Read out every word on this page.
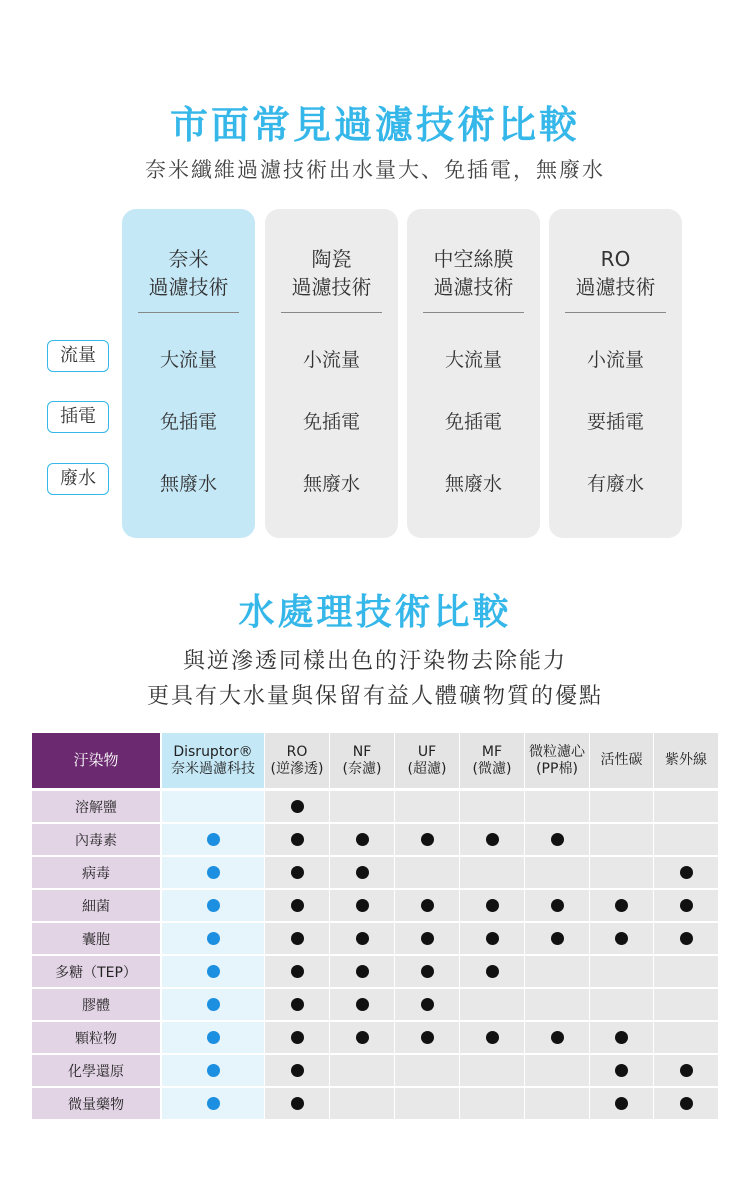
市面常見過濾技術比較
奈米纖維過濾技術出水量大、免插電，無廢水
流量
插電
廢水
奈米
過濾技術
大流量
免插電
無廢水
陶瓷
過濾技術
小流量
免插電
無廢水
中空絲膜
過濾技術
大流量
免插電
無廢水
RO
過濾技術
小流量
要插電
有廢水
水處理技術比較
與逆滲透同樣出色的汙染物去除能力
更具有大水量與保留有益人體礦物質的優點
汙染物	Disruptor®
奈米過濾科技
RO
(逆滲透)
NF
(奈濾)
UF
(超濾)
MF
(微濾)
微粒濾心
(PP棉)
活性碳 紫外線
溶解鹽
內毒素
病毒
細菌
囊胞
多糖（TEP）
膠體
顆粒物
化學還原
微量藥物
